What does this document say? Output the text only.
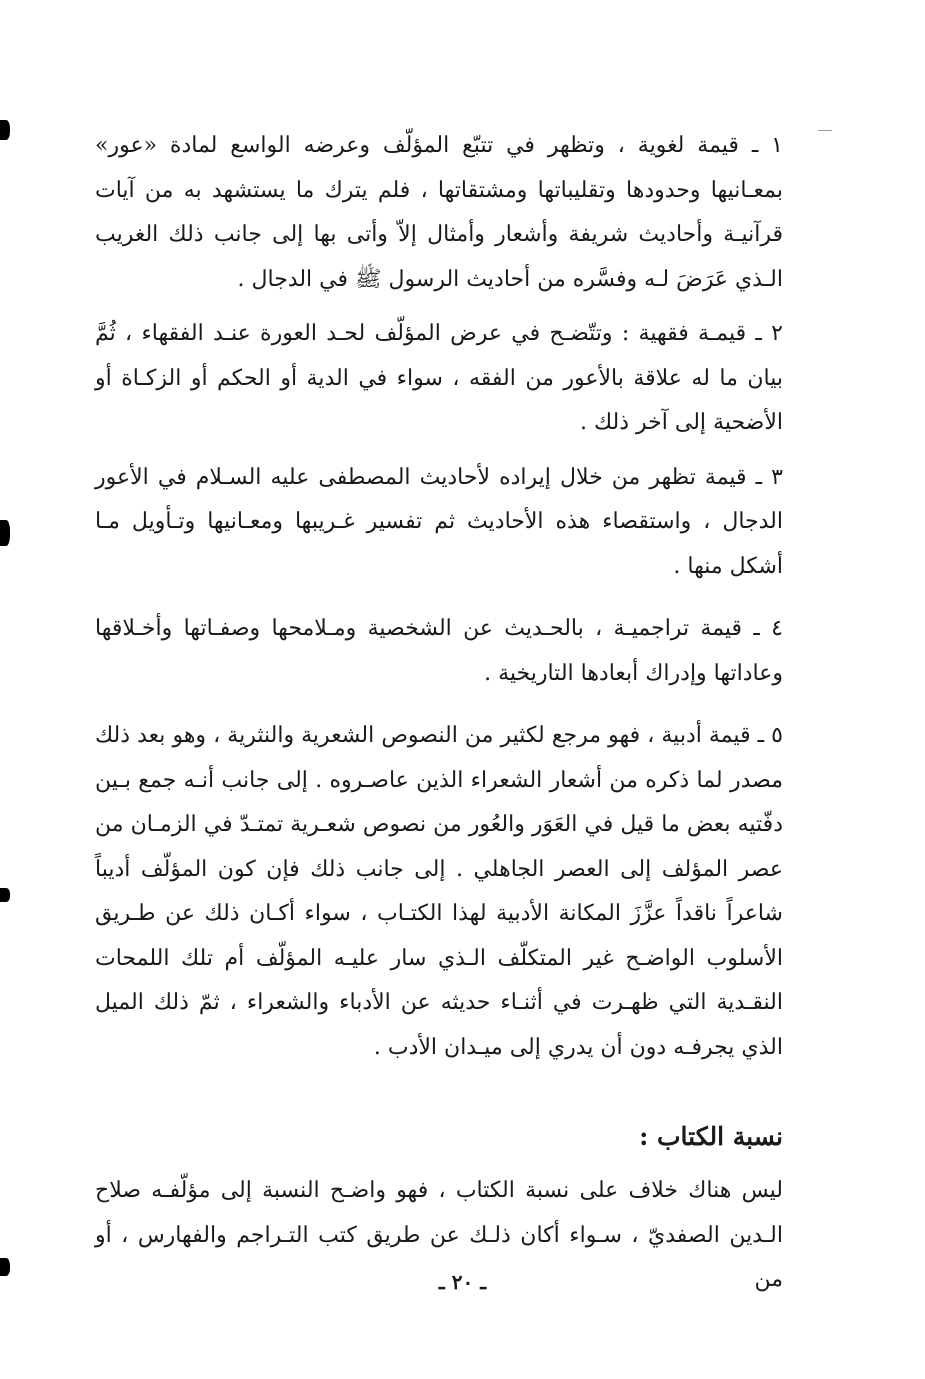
١ ـ قيمة لغوية ، وتظهر في تتبّع المؤلّف وعرضه الواسع لمادة «عور» بمعـانيها وحدودها وتقليباتها ومشتقاتها ، فلم يترك ما يستشهد به من آيات قرآنيـة وأحاديث شريفة وأشعار وأمثال إلاّ وأتى بها إلى جانب ذلك الغريب الـذي عَرَضَ لـه وفسَّره من أحاديث الرسول ﷺ في الدجال .

٢ ـ قيمـة فقهية : وتتّضـح في عرض المؤلّف لحـد العورة عنـد الفقهاء ، ثُمَّ بيان ما له علاقة بالأعور من الفقه ، سواء في الدية أو الحكم أو الزكـاة أو الأضحية إلى آخر ذلك .

٣ ـ قيمة تظهر من خلال إيراده لأحاديث المصطفى عليه السـلام في الأعور الدجال ، واستقصاء هذه الأحاديث ثم تفسير غـريبها ومعـانيها وتـأويل مـا أشكل منها .

٤ ـ قيمة تراجميـة ، بالحـديث عن الشخصية ومـلامحها وصفـاتها وأخـلاقها وعاداتها وإدراك أبعادها التاريخية .

٥ ـ قيمة أدبية ، فهو مرجع لكثير من النصوص الشعرية والنثرية ، وهو بعد ذلك مصدر لما ذكره من أشعار الشعراء الذين عاصـروه . إلى جانب أنـه جمع بـين دفّتيه بعض ما قيل في العَوَر والعُور من نصوص شعـرية تمتـدّ في الزمـان من عصر المؤلف إلى العصر الجاهلي . إلى جانب ذلك فإن كون المؤلّف أديباً شاعراً ناقداً عزَّزَ المكانة الأدبية لهذا الكتـاب ، سواء أكـان ذلك عن طـريق الأسلوب الواضـح غير المتكلّف الـذي سار عليـه المؤلّف أم تلك اللمحات النقـدية التي ظهـرت في أثنـاء حديثه عن الأدباء والشعراء ، ثمّ ذلك الميل الذي يجرفـه دون أن يدري إلى ميـدان الأدب .

نسبة الكتاب :

ليس هناك خلاف على نسبة الكتاب ، فهو واضـح النسبة إلى مؤلّفـه صلاح الـدين الصفديّ ، سـواء أكان ذلـك عن طريق كتب التـراجم والفهارس ، أو من

ـ ٢٠ ـ
